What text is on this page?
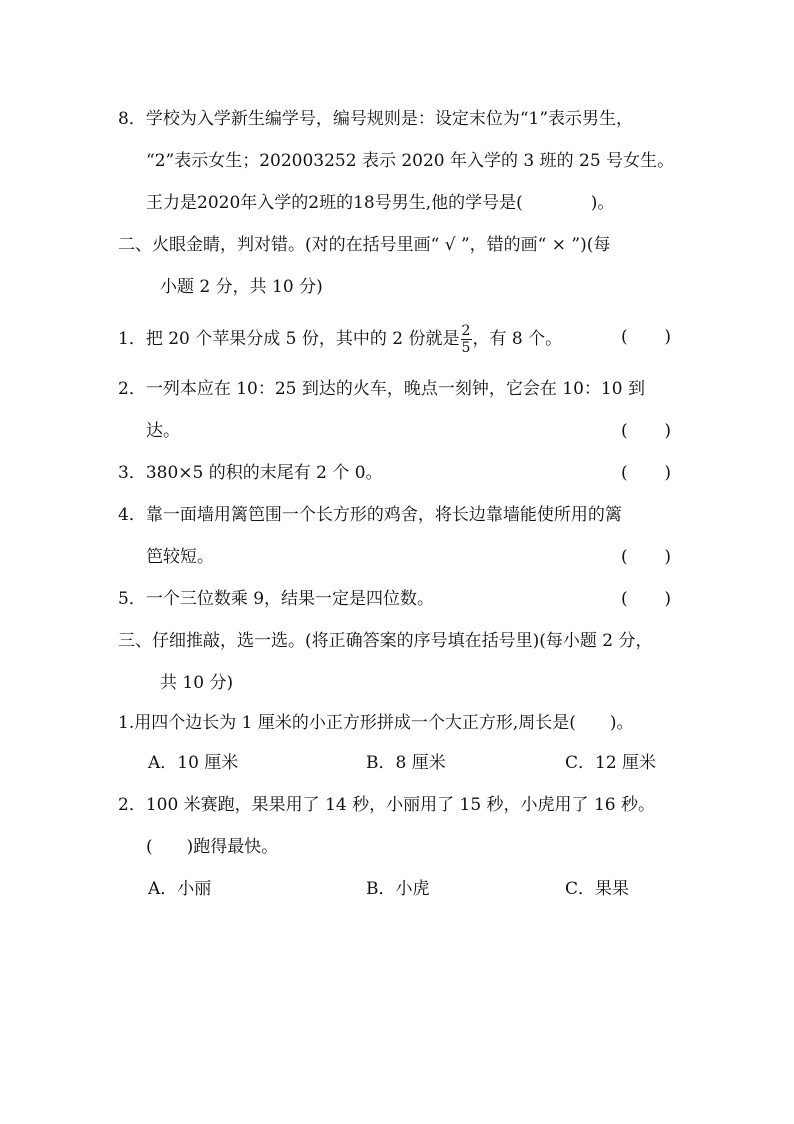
8．学校为入学新生编学号，编号规则是：设定末位为“1”表示男生，
“2”表示女生；202003252 表示 2020 年入学的 3 班的 25 号女生。
王力是2020年入学的2班的18号男生,他的学号是(　　　　)。
二、火眼金睛，判对错。(对的在括号里画“ √ ”，错的画“ × ”)(每
小题 2 分，共 10 分)
1．把 20 个苹果分成 5 份，其中的 2 份就是 $\frac{2}{5}$ ，有 8 个。	( )
2．一列本应在 10：25 到达的火车，晚点一刻钟，它会在 10：10 到
达。	( )
3．380×5 的积的末尾有 2 个 0。	( )
4．靠一面墙用篱笆围一个长方形的鸡舍，将长边靠墙能使所用的篱
笆较短。	( )
5．一个三位数乘 9，结果一定是四位数。	( )
三、仔细推敲，选一选。(将正确答案的序号填在括号里)(每小题 2 分，
共 10 分)
1.用四个边长为 1 厘米的小正方形拼成一个大正方形,周长是(　　)。
A．10 厘米	B．8 厘米	C．12 厘米
2．100 米赛跑，果果用了 14 秒，小丽用了 15 秒，小虎用了 16 秒。
(　　)跑得最快。
A．小丽	B．小虎	C．果果
